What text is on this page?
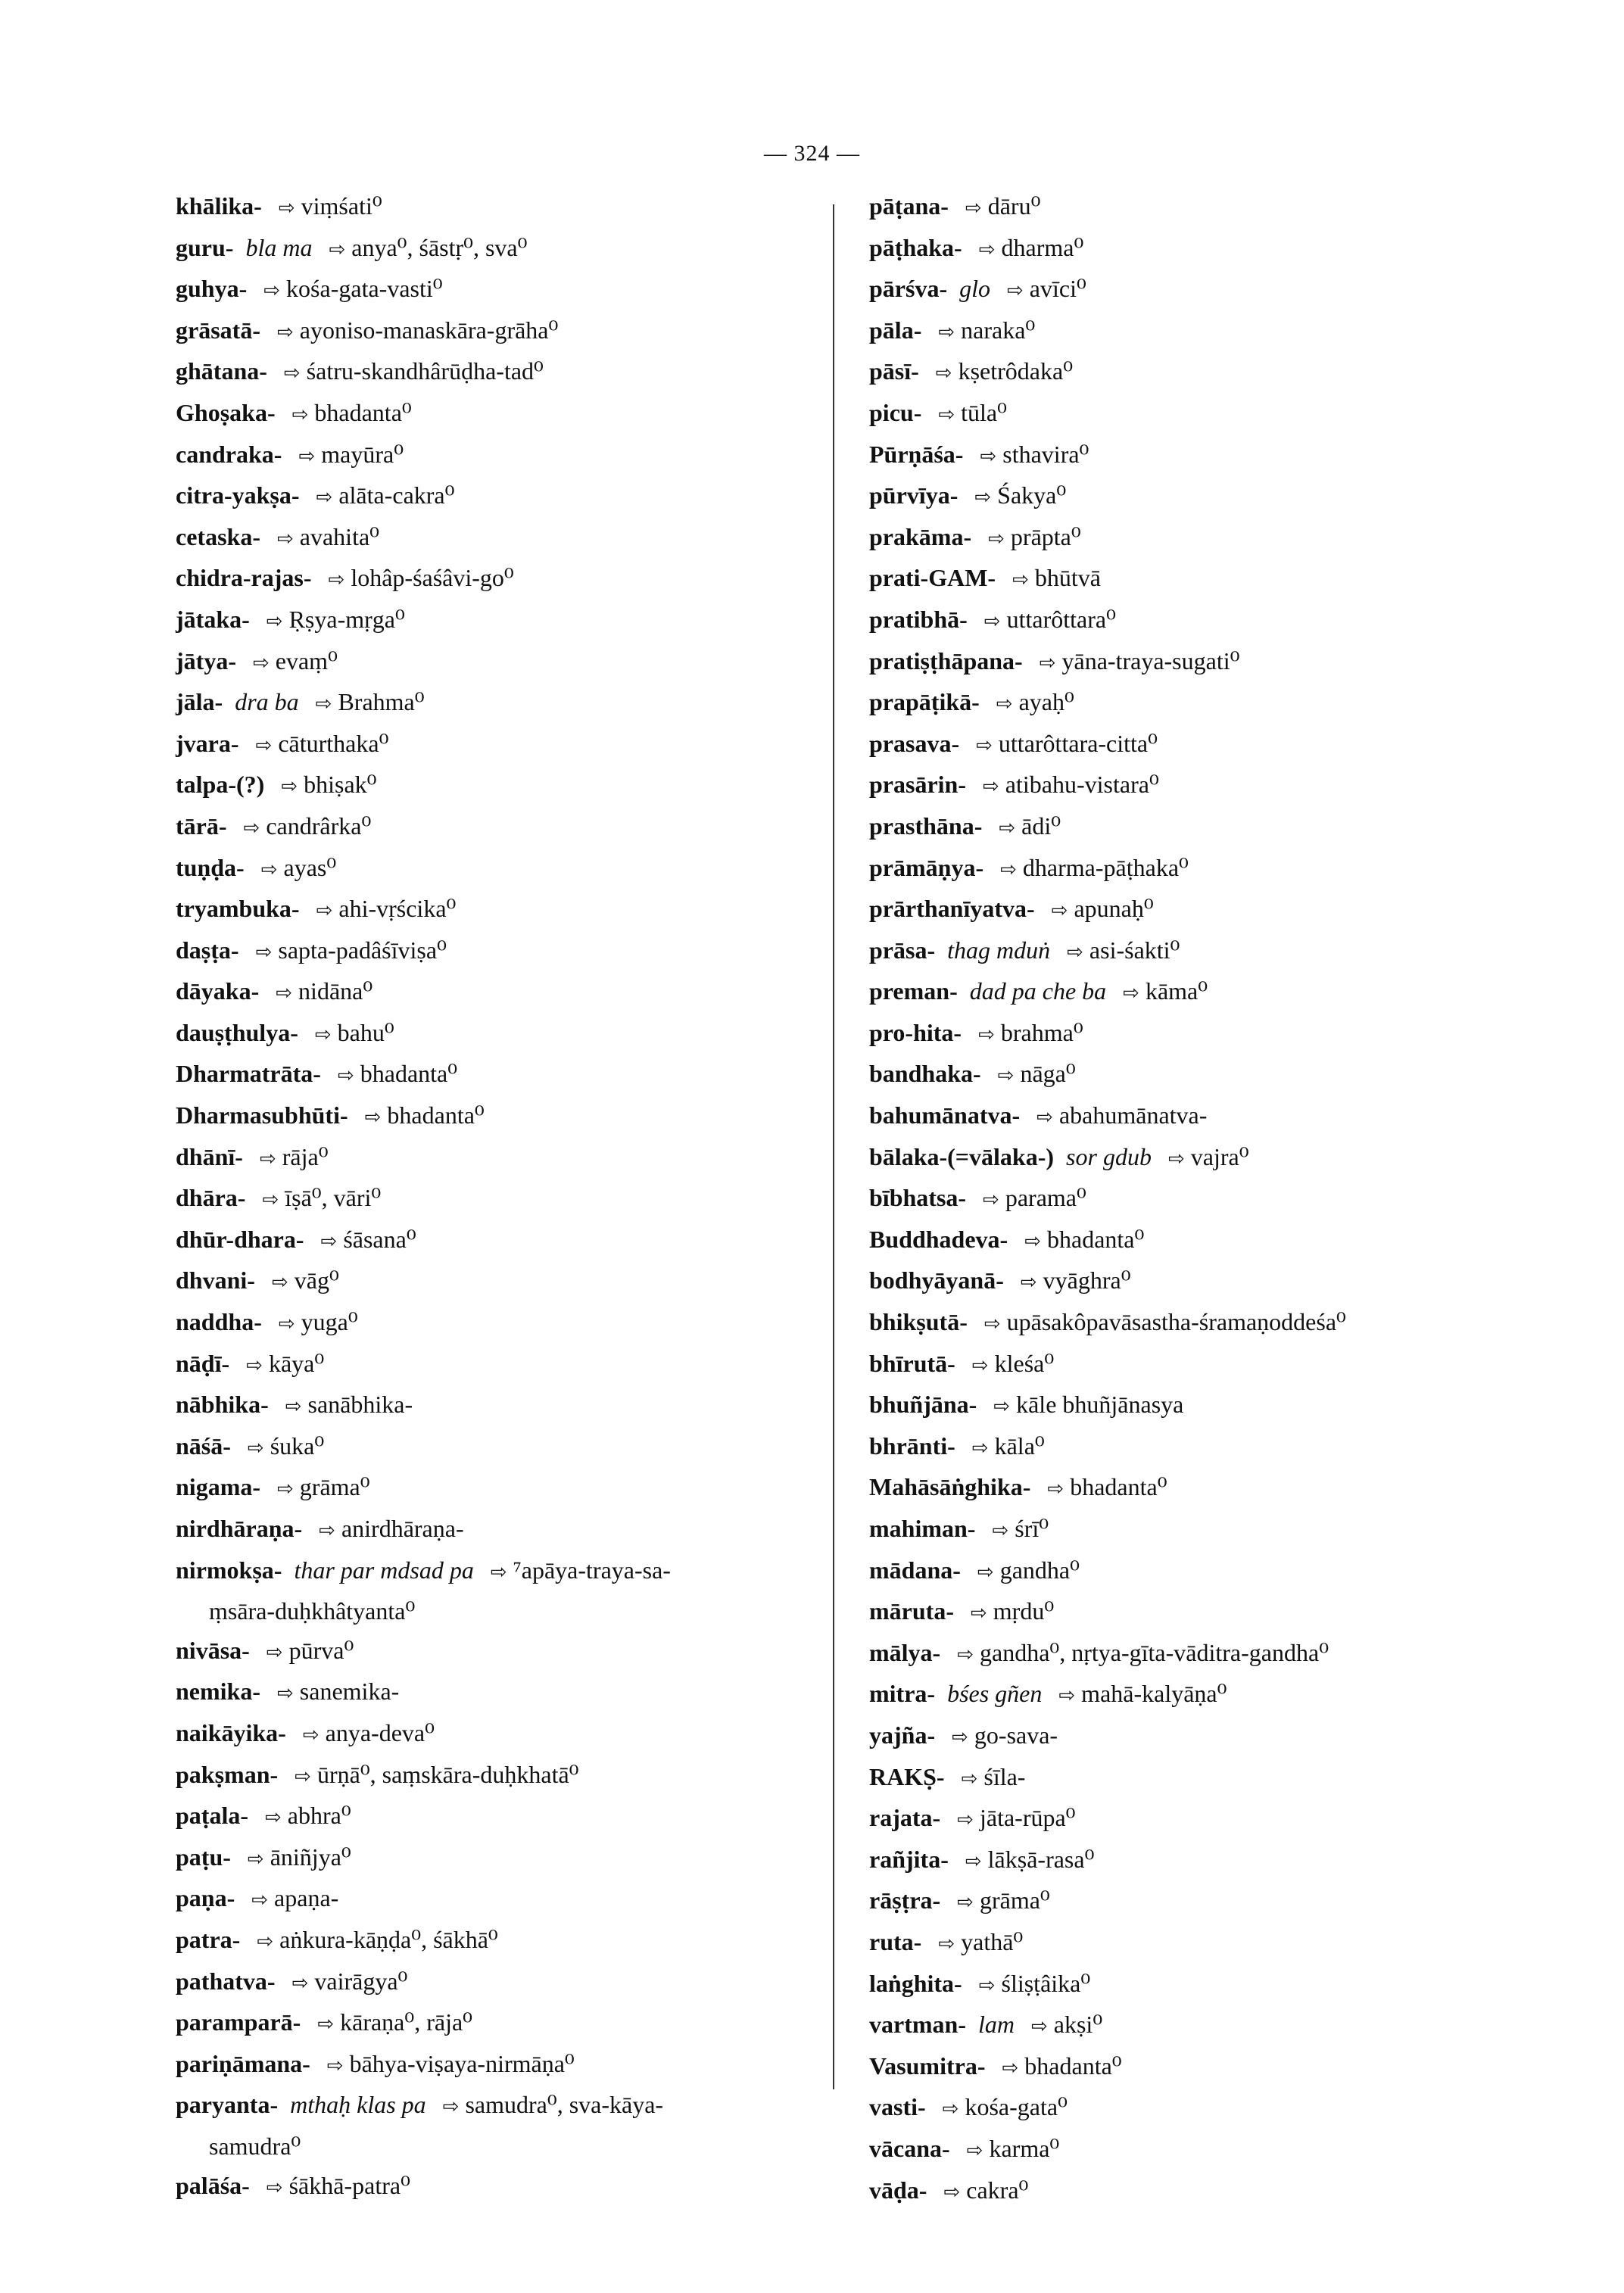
— 324 —
khālika- ⇨ viṃśati⁰
guru- bla ma ⇨ anya⁰, śāstṛ⁰, sva⁰
guhya- ⇨ kośa-gata-vasti⁰
grāsatā- ⇨ ayoniso-manaskāra-grāha⁰
ghātana- ⇨ śatru-skandhârūḍha-tad⁰
Ghoṣaka- ⇨ bhadanta⁰
candraka- ⇨ mayūra⁰
citra-yakṣa- ⇨ alāta-cakra⁰
cetaska- ⇨ avahita⁰
chidra-rajas- ⇨ lohâp-śaśâvi-go⁰
jātaka- ⇨ Ṛṣya-mṛga⁰
jātya- ⇨ evaṃ⁰
jāla- dra ba ⇨ Brahma⁰
jvara- ⇨ cāturthaka⁰
talpa-(?) ⇨ bhiṣak⁰
tārā- ⇨ candrârka⁰
tuṇḍa- ⇨ ayas⁰
tryambuka- ⇨ ahi-vṛścika⁰
daṣṭa- ⇨ sapta-padâśīviṣa⁰
dāyaka- ⇨ nidāna⁰
dauṣṭhulya- ⇨ bahu⁰
Dharmatrāta- ⇨ bhadanta⁰
Dharmasubhūti- ⇨ bhadanta⁰
dhānī- ⇨ rāja⁰
dhāra- ⇨ īṣā⁰, vāri⁰
dhūr-dhara- ⇨ śāsana⁰
dhvani- ⇨ vāg⁰
naddha- ⇨ yuga⁰
nāḍī- ⇨ kāya⁰
nābhika- ⇨ sanābhika-
nāśā- ⇨ śuka⁰
nigama- ⇨ grāma⁰
nirdhāraṇa- ⇨ anirdhāraṇa-
nirmokṣa- thar par mdsad pa ⇨ ⁷apāya-traya-sa-
ṃsāra-duḥkhâtyanta⁰
nivāsa- ⇨ pūrva⁰
nemika- ⇨ sanemika-
naikāyika- ⇨ anya-deva⁰
pakṣman- ⇨ ūrṇā⁰, saṃskāra-duḥkhatā⁰
paṭala- ⇨ abhra⁰
paṭu- ⇨ āniñjya⁰
paṇa- ⇨ apaṇa-
patra- ⇨ aṅkura-kāṇḍa⁰, śākhā⁰
pathatva- ⇨ vairāgya⁰
paramparā- ⇨ kāraṇa⁰, rāja⁰
pariṇāmana- ⇨ bāhya-viṣaya-nirmāṇa⁰
paryanta- mthaḥ klas pa ⇨ samudra⁰, sva-kāya-
samudra⁰
palāśa- ⇨ śākhā-patra⁰
pāṭana- ⇨ dāru⁰
pāṭhaka- ⇨ dharma⁰
pārśva- glo ⇨ avīci⁰
pāla- ⇨ naraka⁰
pāsī- ⇨ kṣetrôdaka⁰
picu- ⇨ tūla⁰
Pūrṇāśa- ⇨ sthavira⁰
pūrvīya- ⇨ Śakya⁰
prakāma- ⇨ prāpta⁰
prati-GAM- ⇨ bhūtvā
pratibhā- ⇨ uttarôttara⁰
pratiṣṭhāpana- ⇨ yāna-traya-sugati⁰
prapāṭikā- ⇨ ayaḥ⁰
prasava- ⇨ uttarôttara-citta⁰
prasārin- ⇨ atibahu-vistara⁰
prasthāna- ⇨ ādi⁰
prāmāṇya- ⇨ dharma-pāṭhaka⁰
prārthanīyatva- ⇨ apunaḥ⁰
prāsa- thag mduṅ ⇨ asi-śakti⁰
preman- dad pa che ba ⇨ kāma⁰
pro-hita- ⇨ brahma⁰
bandhaka- ⇨ nāga⁰
bahumānatva- ⇨ abahumānatva-
bālaka-(=vālaka-) sor gdub ⇨ vajra⁰
bībhatsa- ⇨ parama⁰
Buddhadeva- ⇨ bhadanta⁰
bodhyāyanā- ⇨ vyāghra⁰
bhikṣutā- ⇨ upāsakôpavāsastha-śramaṇoddeśa⁰
bhīrutā- ⇨ kleśa⁰
bhuñjāna- ⇨ kāle bhuñjānasya
bhrānti- ⇨ kāla⁰
Mahāsāṅghika- ⇨ bhadanta⁰
mahiman- ⇨ śrī⁰
mādana- ⇨ gandha⁰
māruta- ⇨ mṛdu⁰
mālya- ⇨ gandha⁰, nṛtya-gīta-vāditra-gandha⁰
mitra- bśes gñen ⇨ mahā-kalyāṇa⁰
yajña- ⇨ go-sava-
RAKṢ- ⇨ śīla-
rajata- ⇨ jāta-rūpa⁰
rañjita- ⇨ lākṣā-rasa⁰
rāṣṭra- ⇨ grāma⁰
ruta- ⇨ yathā⁰
laṅghita- ⇨ śliṣṭâika⁰
vartman- lam ⇨ akṣi⁰
Vasumitra- ⇨ bhadanta⁰
vasti- ⇨ kośa-gata⁰
vācana- ⇨ karma⁰
vāḍa- ⇨ cakra⁰
